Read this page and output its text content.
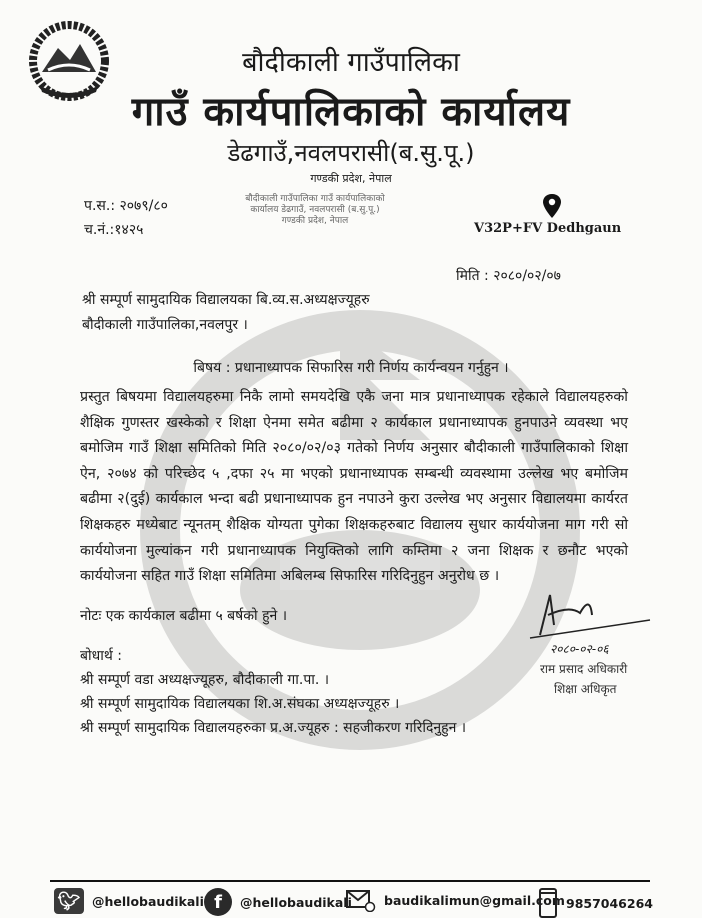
बौदीकाली गाउँपालिका
गाउँ कार्यपालिकाको कार्यालय
डेढगाउँ,नवलपरासी(ब.सु.पू.)
गण्डकी प्रदेश, नेपाल
बौदीकाली गाउँपालिका गाउँ कार्यपालिकाको कार्यालय डेढगाउँ, नवलपरासी (ब.सु.पू.) गण्डकी प्रदेश, नेपाल
प.स.: २०७९/८०
च.नं.:१४२५	V32P+FV Dedhgaun
मिति : २०८०/०२/०७
श्री सम्पूर्ण सामुदायिक विद्यालयका बि.व्य.स.अध्यक्षज्यूहरु
बौदीकाली गाउँपालिका,नवलपुर ।
बिषय : प्रधानाध्यापक सिफारिस गरी निर्णय कार्यन्वयन गर्नुहुन ।
प्रस्तुत बिषयमा विद्यालयहरुमा निकै लामो समयदेखि एकै जना मात्र प्रधानाध्यापक रहेकाले विद्यालयहरुको शैक्षिक गुणस्तर खस्केको र शिक्षा ऐनमा समेत बढीमा २ कार्यकाल प्रधानाध्यापक हुनपाउने व्यवस्था भए बमोजिम गाउँ शिक्षा समितिको मिति २०८०/०२/०३ गतेको निर्णय अनुसार बौदीकाली गाउँपालिकाको शिक्षा ऐन, २०७४ को परिच्छेद ५ ,दफा २५ मा भएको प्रधानाध्यापक सम्बन्धी व्यवस्थामा उल्लेख भए बमोजिम बढीमा २(दुई) कार्यकाल भन्दा बढी प्रधानाध्यापक हुन नपाउने कुरा उल्लेख भए अनुसार विद्यालयमा कार्यरत शिक्षकहरु मध्येबाट न्यूनतम् शैक्षिक योग्यता पुगेका शिक्षकहरुबाट विद्यालय सुधार कार्ययोजना माग गरी सो कार्ययोजना मुल्यांकन गरी प्रधानाध्यापक नियुक्तिको लागि कम्तिमा २ जना शिक्षक र छनौट भएको कार्ययोजना सहित गाउँ शिक्षा समितिमा अबिलम्ब सिफारिस गरिदिनुहुन अनुरोध छ ।
नोटः एक कार्यकाल बढीमा ५ बर्षको हुने ।
बोधार्थ :
श्री सम्पूर्ण वडा अध्यक्षज्यूहरु, बौदीकाली गा.पा. ।
श्री सम्पूर्ण सामुदायिक विद्यालयका शि.अ.संघका अध्यक्षज्यूहरु ।
श्री सम्पूर्ण सामुदायिक विद्यालयहरुका प्र.अ.ज्यूहरु : सहजीकरण गरिदिनुहुन ।
२०८०-०२-०६
राम प्रसाद अधिकारी
शिक्षा अधिकृत
🐦︎ @hellobaudikali f	@hellobaudikali	baudikalimun@gmail.com 9857046264
